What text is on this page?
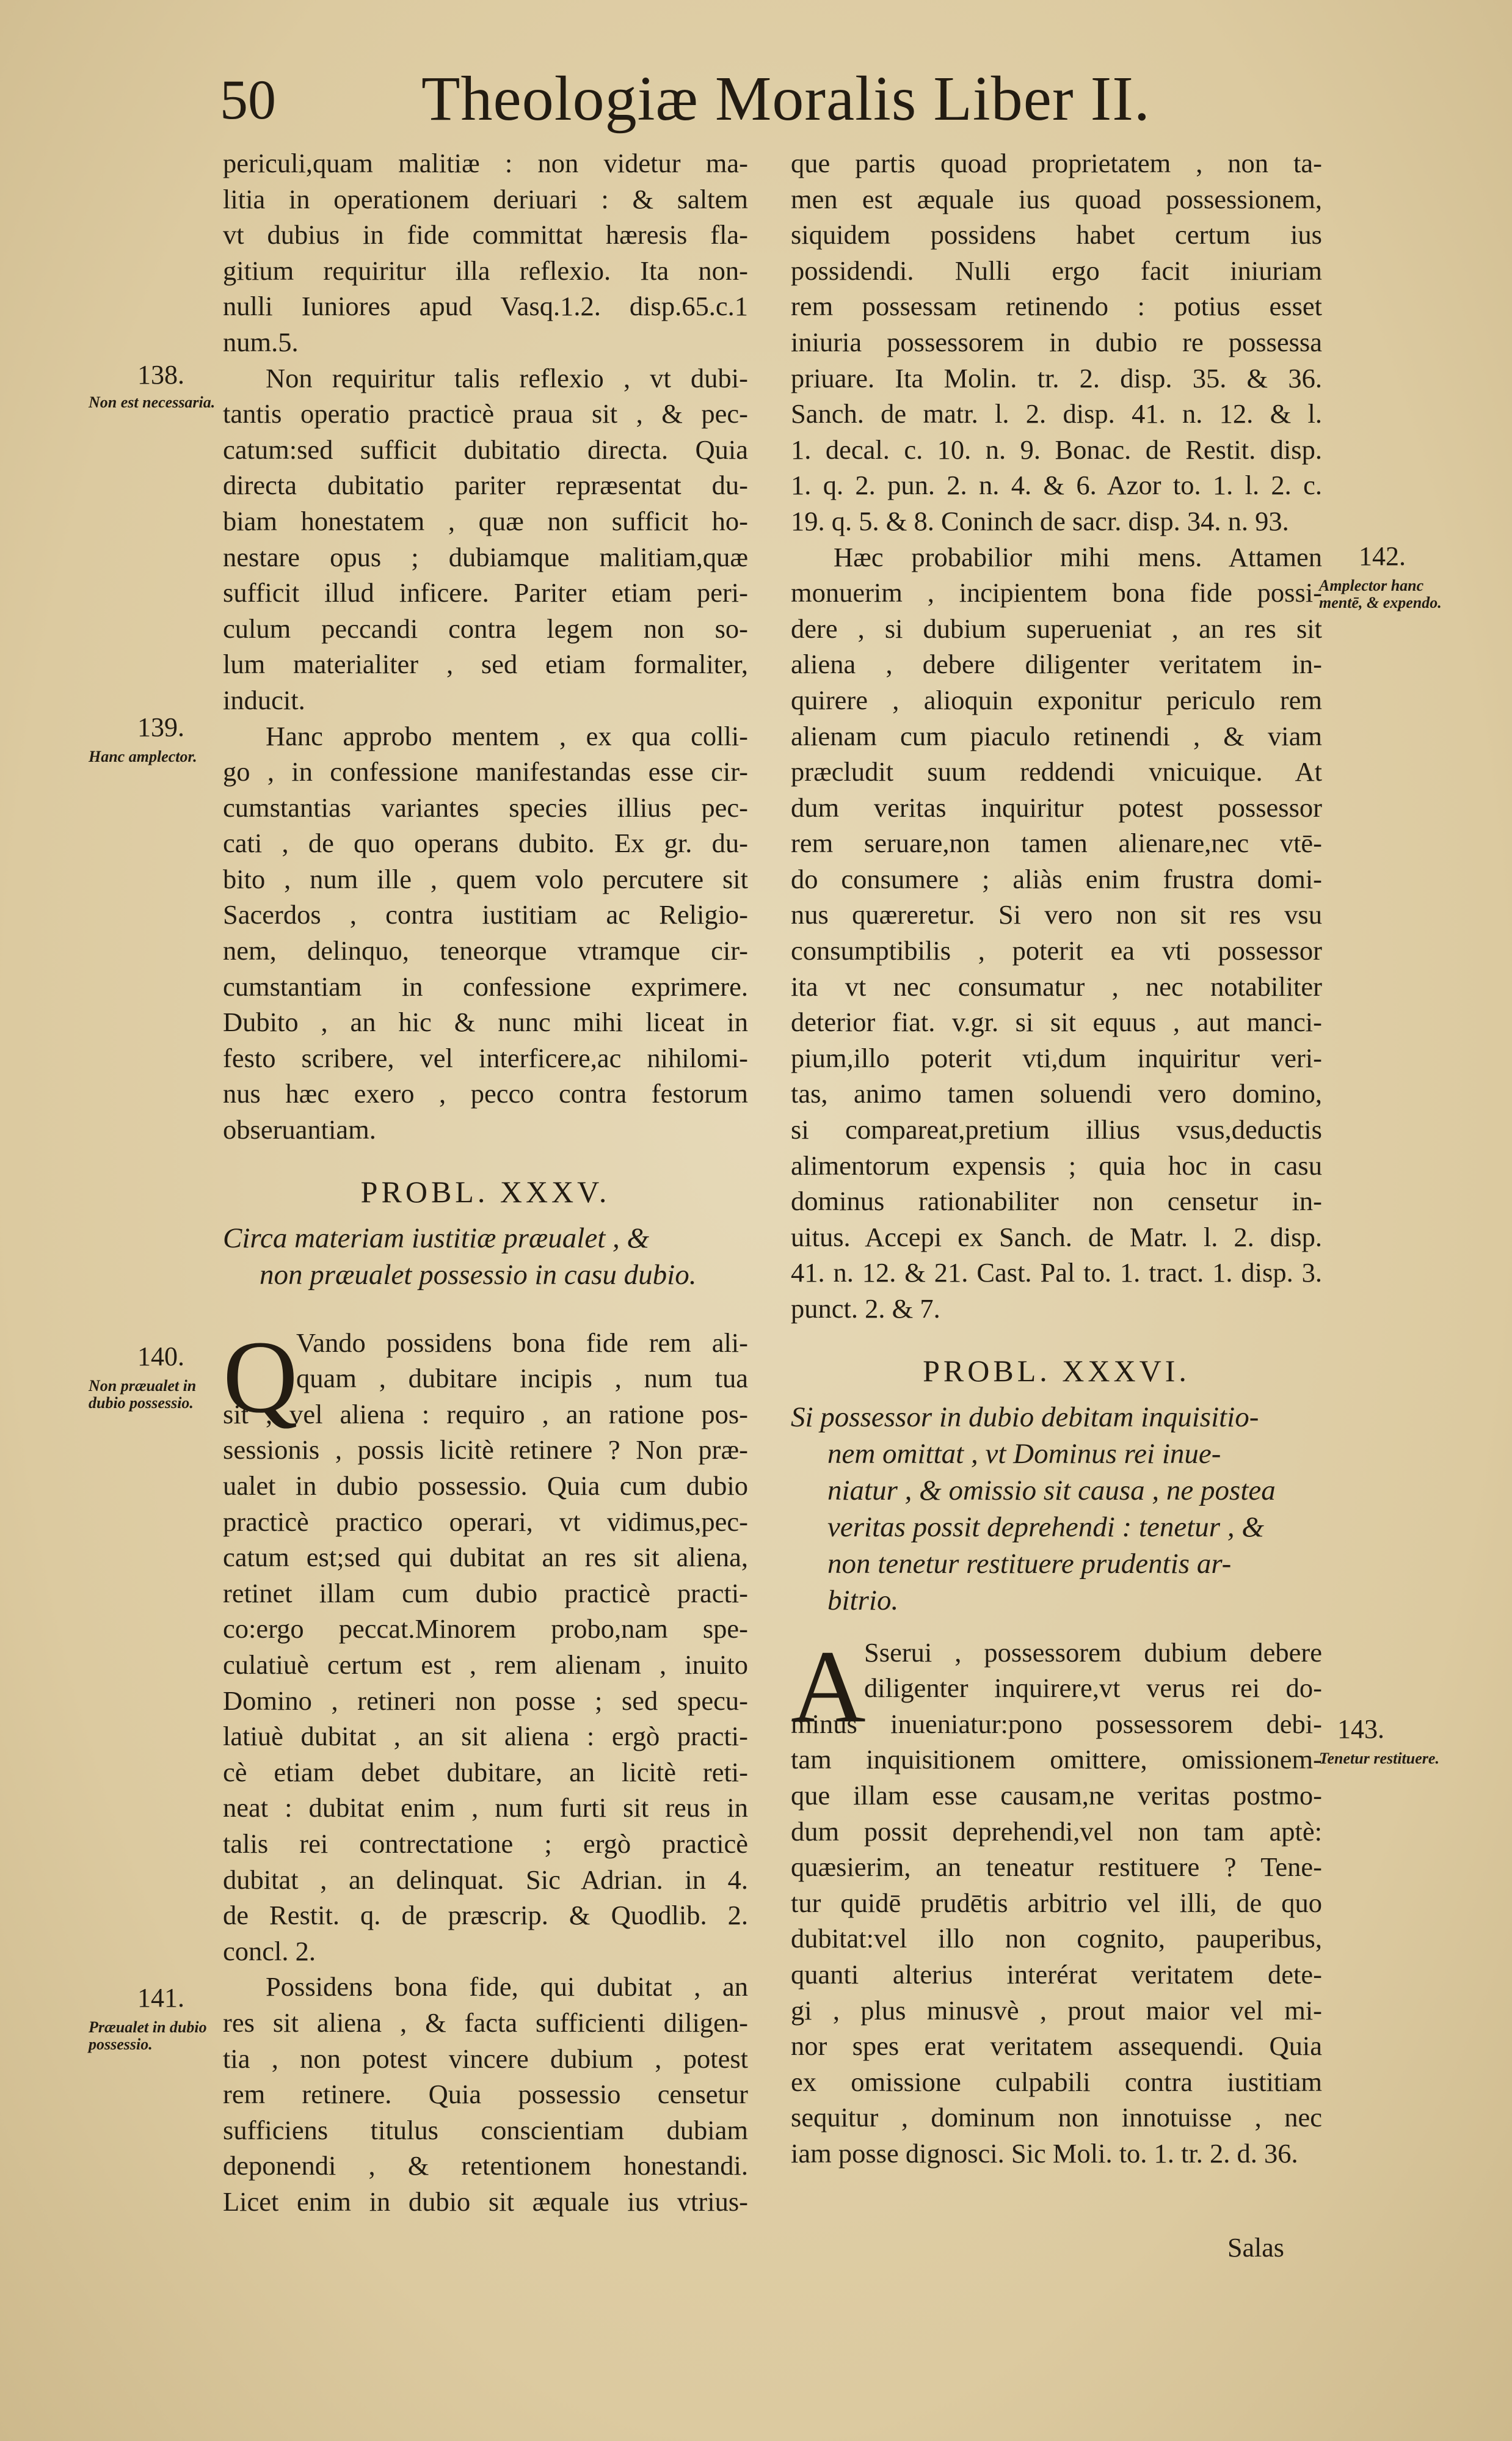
50 Theologiæ Moralis Liber II.
periculi,quam malitiæ : non videtur ma-
litia in operationem deriuari : & saltem
vt dubius in fide committat hæresis fla-
gitium requiritur illa reflexio. Ita non-
nulli Iuniores apud Vasq.1.2. disp.65.c.1
num.5.
Non requiritur talis reflexio , vt dubi-
tantis operatio practicè praua sit , & pec-
catum:sed sufficit dubitatio directa. Quia
directa dubitatio pariter repræsentat du-
biam honestatem , quæ non sufficit ho-
nestare opus ; dubiamque malitiam,quæ
sufficit illud inficere. Pariter etiam peri-
culum peccandi contra legem non so-
lum materialiter , sed etiam formaliter,
inducit.
Hanc approbo mentem , ex qua colli-
go , in confessione manifestandas esse cir-
cumstantias variantes species illius pec-
cati , de quo operans dubito. Ex gr. du-
bito , num ille , quem volo percutere sit
Sacerdos , contra iustitiam ac Religio-
nem, delinquo, teneorque vtramque cir-
cumstantiam in confessione exprimere.
Dubito , an hic & nunc mihi liceat in
festo scribere, vel interficere,ac nihilomi-
nus hæc exero , pecco contra festorum
obseruantiam.
PROBL. XXXV.
Circa materiam iustitiæ præualet , &
non præualet possessio in casu dubio.
Q
Vando possidens bona fide rem ali-
quam , dubitare incipis , num tua
sit , vel aliena : requiro , an ratione pos-
sessionis , possis licitè retinere ? Non præ-
ualet in dubio possessio. Quia cum dubio
practicè practico operari, vt vidimus,pec-
catum est;sed qui dubitat an res sit aliena,
retinet illam cum dubio practicè practi-
co:ergo peccat.Minorem probo,nam spe-
culatiuè certum est , rem alienam , inuito
Domino , retineri non posse ; sed specu-
latiuè dubitat , an sit aliena : ergò practi-
cè etiam debet dubitare, an licitè reti-
neat : dubitat enim , num furti sit reus in
talis rei contrectatione ; ergò practicè
dubitat , an delinquat. Sic Adrian. in 4.
de Restit. q. de præscrip. & Quodlib. 2.
concl. 2.
Possidens bona fide, qui dubitat , an
res sit aliena , & facta sufficienti diligen-
tia , non potest vincere dubium , potest
rem retinere. Quia possessio censetur
sufficiens titulus conscientiam dubiam
deponendi , & retentionem honestandi.
Licet enim in dubio sit æquale ius vtrius-
que partis quoad proprietatem , non ta-
men est æquale ius quoad possessionem,
siquidem possidens habet certum ius
possidendi. Nulli ergo facit iniuriam
rem possessam retinendo : potius esset
iniuria possessorem in dubio re possessa
priuare. Ita Molin. tr. 2. disp. 35. & 36.
Sanch. de matr. l. 2. disp. 41. n. 12. & l.
1. decal. c. 10. n. 9. Bonac. de Restit. disp.
1. q. 2. pun. 2. n. 4. & 6. Azor to. 1. l. 2. c.
19. q. 5. & 8. Coninch de sacr. disp. 34. n. 93.
Hæc probabilior mihi mens. Attamen
monuerim , incipientem bona fide possi-
dere , si dubium superueniat , an res sit
aliena , debere diligenter veritatem in-
quirere , alioquin exponitur periculo rem
alienam cum piaculo retinendi , & viam
præcludit suum reddendi vnicuique. At
dum veritas inquiritur potest possessor
rem seruare,non tamen alienare,nec vtē-
do consumere ; aliàs enim frustra domi-
nus quæreretur. Si vero non sit res vsu
consumptibilis , poterit ea vti possessor
ita vt nec consumatur , nec notabiliter
deterior fiat. v.gr. si sit equus , aut manci-
pium,illo poterit vti,dum inquiritur veri-
tas, animo tamen soluendi vero domino,
si compareat,pretium illius vsus,deductis
alimentorum expensis ; quia hoc in casu
dominus rationabiliter non censetur in-
uitus. Accepi ex Sanch. de Matr. l. 2. disp.
41. n. 12. & 21. Cast. Pal to. 1. tract. 1. disp. 3.
punct. 2. & 7.
PROBL. XXXVI.
Si possessor in dubio debitam inquisitio-
nem omittat , vt Dominus rei inue-
niatur , & omissio sit causa , ne postea
veritas possit deprehendi : tenetur , &
non tenetur restituere prudentis ar-
bitrio.
A
Sserui , possessorem dubium debere
diligenter inquirere,vt verus rei do-
minus inueniatur:pono possessorem debi-
tam inquisitionem omittere, omissionem-
que illam esse causam,ne veritas postmo-
dum possit deprehendi,vel non tam aptè:
quæsierim, an teneatur restituere ? Tene-
tur quidē prudētis arbitrio vel illi, de quo
dubitat:vel illo non cognito, pauperibus,
quanti alterius interérat veritatem dete-
gi , plus minusvè , prout maior vel mi-
nor spes erat veritatem assequendi. Quia
ex omissione culpabili contra iustitiam
sequitur , dominum non innotuisse , nec
iam posse dignosci. Sic Moli. to. 1. tr. 2. d. 36.
138.
Non est necessaria.
139.
Hanc amplector.
140.
Non præualet in dubio possessio.
141.
Præualet in dubio possessio.
142.
Amplector hanc mentē, & expendo.
143.
Tenetur restituere.
Salas
